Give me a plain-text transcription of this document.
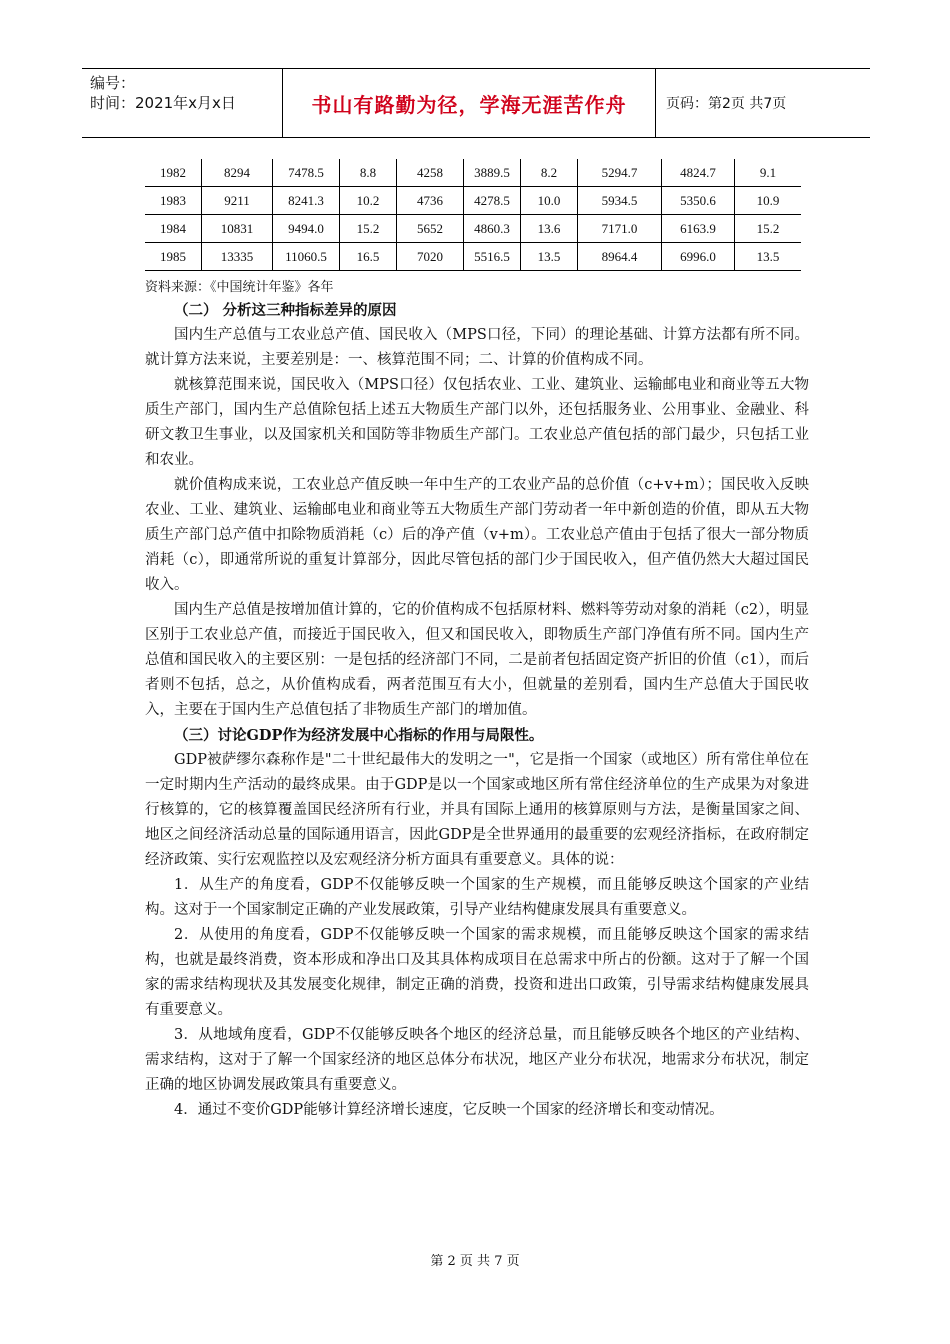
编号：
时间：2021年x月x日	书山有路勤为径，学海无涯苦作舟	页码：第2页 共7页
1982	8294	7478.5	8.8	4258	3889.5	8.2	5294.7	4824.7	9.1
1983	9211	8241.3	10.2	4736	4278.5	10.0	5934.5	5350.6	10.9
1984	10831	9494.0	15.2	5652	4860.3	13.6	7171.0	6163.9	15.2
1985	13335	11060.5	16.5	7020	5516.5	13.5	8964.4	6996.0	13.5
资料来源：《中国统计年鉴》各年

（二） 分析这三种指标差异的原因

国内生产总值与工农业总产值、国民收入（MPS口径，下同）的理论基础、计算方法都有所不同。就计算方法来说，主要差别是：一、核算范围不同；二、计算的价值构成不同。

就核算范围来说，国民收入（MPS口径）仅包括农业、工业、建筑业、运输邮电业和商业等五大物质生产部门，国内生产总值除包括上述五大物质生产部门以外，还包括服务业、公用事业、金融业、科研文教卫生事业，以及国家机关和国防等非物质生产部门。工农业总产值包括的部门最少，只包括工业和农业。

就价值构成来说，工农业总产值反映一年中生产的工农业产品的总价值（c+v+m）；国民收入反映农业、工业、建筑业、运输邮电业和商业等五大物质生产部门劳动者一年中新创造的价值，即从五大物质生产部门总产值中扣除物质消耗（c）后的净产值（v+m）。工农业总产值由于包括了很大一部分物质消耗（c），即通常所说的重复计算部分，因此尽管包括的部门少于国民收入，但产值仍然大大超过国民收入。

国内生产总值是按增加值计算的，它的价值构成不包括原材料、燃料等劳动对象的消耗（c2），明显区别于工农业总产值，而接近于国民收入，但又和国民收入，即物质生产部门净值有所不同。国内生产总值和国民收入的主要区别：一是包括的经济部门不同，二是前者包括固定资产折旧的价值（c1），而后者则不包括，总之，从价值构成看，两者范围互有大小，但就量的差别看，国内生产总值大于国民收入，主要在于国内生产总值包括了非物质生产部门的增加值。

（三）讨论GDP作为经济发展中心指标的作用与局限性。

GDP被萨缪尔森称作是"二十世纪最伟大的发明之一"，它是指一个国家（或地区）所有常住单位在一定时期内生产活动的最终成果。由于GDP是以一个国家或地区所有常住经济单位的生产成果为对象进行核算的，它的核算覆盖国民经济所有行业，并具有国际上通用的核算原则与方法，是衡量国家之间、地区之间经济活动总量的国际通用语言，因此GDP是全世界通用的最重要的宏观经济指标，在政府制定经济政策、实行宏观监控以及宏观经济分析方面具有重要意义。具体的说：

1．从生产的角度看，GDP不仅能够反映一个国家的生产规模，而且能够反映这个国家的产业结构。这对于一个国家制定正确的产业发展政策，引导产业结构健康发展具有重要意义。

2．从使用的角度看，GDP不仅能够反映一个国家的需求规模，而且能够反映这个国家的需求结构，也就是最终消费，资本形成和净出口及其具体构成项目在总需求中所占的份额。这对于了解一个国家的需求结构现状及其发展变化规律，制定正确的消费，投资和进出口政策，引导需求结构健康发展具有重要意义。

3．从地域角度看，GDP不仅能够反映各个地区的经济总量，而且能够反映各个地区的产业结构、需求结构，这对于了解一个国家经济的地区总体分布状况，地区产业分布状况，地需求分布状况，制定正确的地区协调发展政策具有重要意义。

4．通过不变价GDP能够计算经济增长速度，它反映一个国家的经济增长和变动情况。

第 2 页 共 7 页
